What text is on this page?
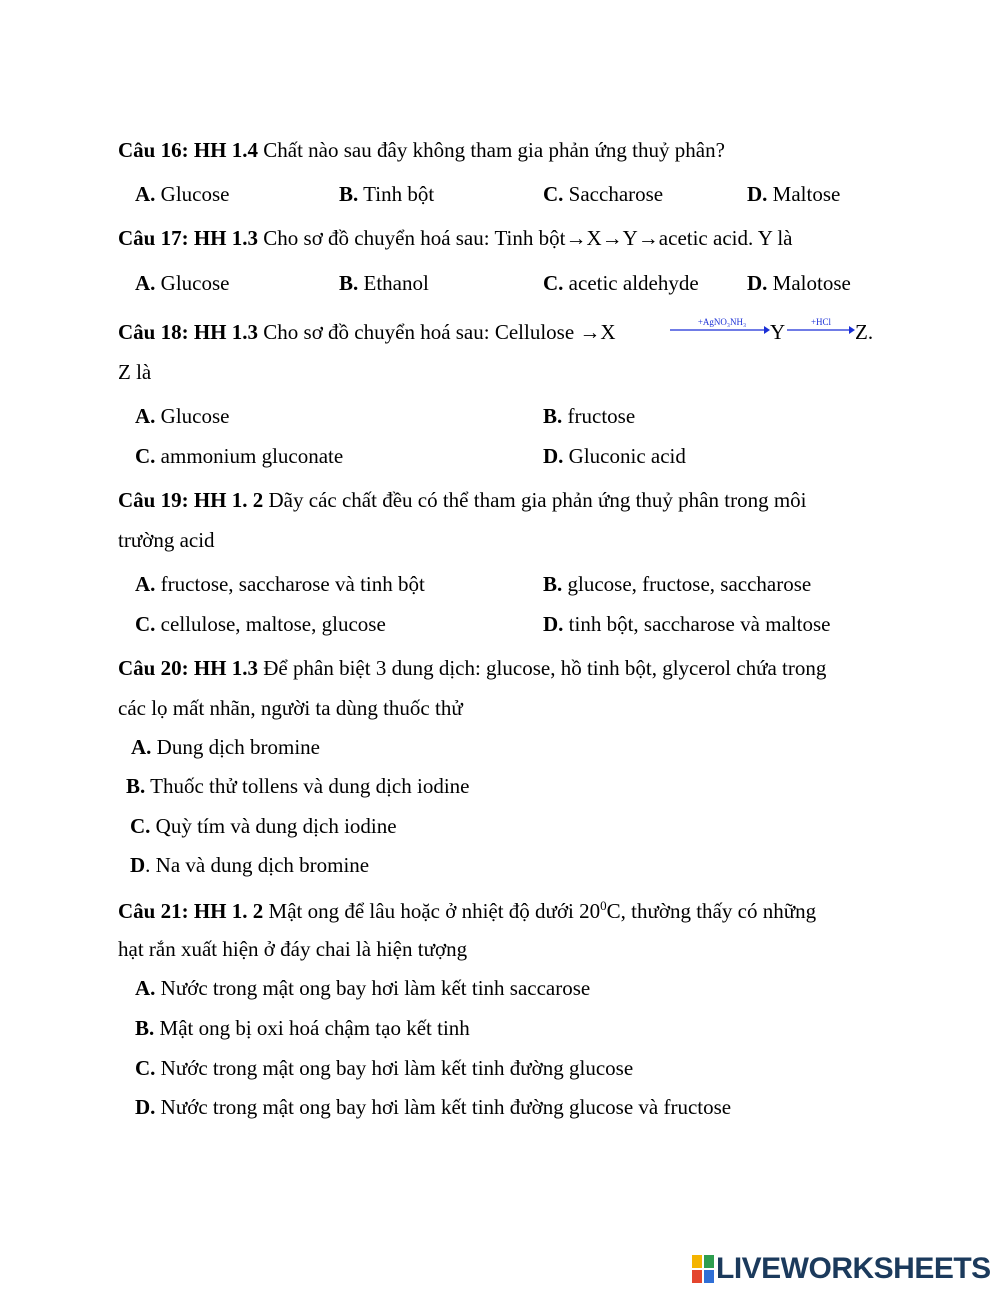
Câu 16: HH 1.4 Chất nào sau đây không tham gia phản ứng thuỷ phân?
A. Glucose	B. Tinh bột	C. Saccharose	D. Maltose
Câu 17: HH 1.3 Cho sơ đồ chuyển hoá sau: Tinh bột→X→Y→acetic acid. Y là
A. Glucose	B. Ethanol	C. acetic aldehyde D. Malotose
Câu 18: HH 1.3 Cho sơ đồ chuyển hoá sau: Cellulose →X	+AgNO₃NH₃ Y	+HCl Z.
Z là
A. Glucose	B. fructose
C. ammonium gluconate	D. Gluconic acid
Câu 19: HH 1. 2 Dãy các chất đều có thể tham gia phản ứng thuỷ phân trong môi
trường acid
A. fructose, saccharose và tinh bột	B. glucose, fructose, saccharose
C. cellulose, maltose, glucose	D. tinh bột, saccharose và maltose
Câu 20: HH 1.3 Để phân biệt 3 dung dịch: glucose, hồ tinh bột, glycerol chứa trong
các lọ mất nhãn, người ta dùng thuốc thử
A. Dung dịch bromine
B. Thuốc thử tollens và dung dịch iodine
C. Quỳ tím và dung dịch iodine
D. Na và dung dịch bromine
Câu 21: HH 1. 2 Mật ong để lâu hoặc ở nhiệt độ dưới $20^0C$, thường thấy có những
hạt rắn xuất hiện ở đáy chai là hiện tượng
A. Nước trong mật ong bay hơi làm kết tinh saccarose
B. Mật ong bị oxi hoá chậm tạo kết tinh
C. Nước trong mật ong bay hơi làm kết tinh đường glucose
D. Nước trong mật ong bay hơi làm kết tinh đường glucose và fructose
LIVEWORKSHEETS
